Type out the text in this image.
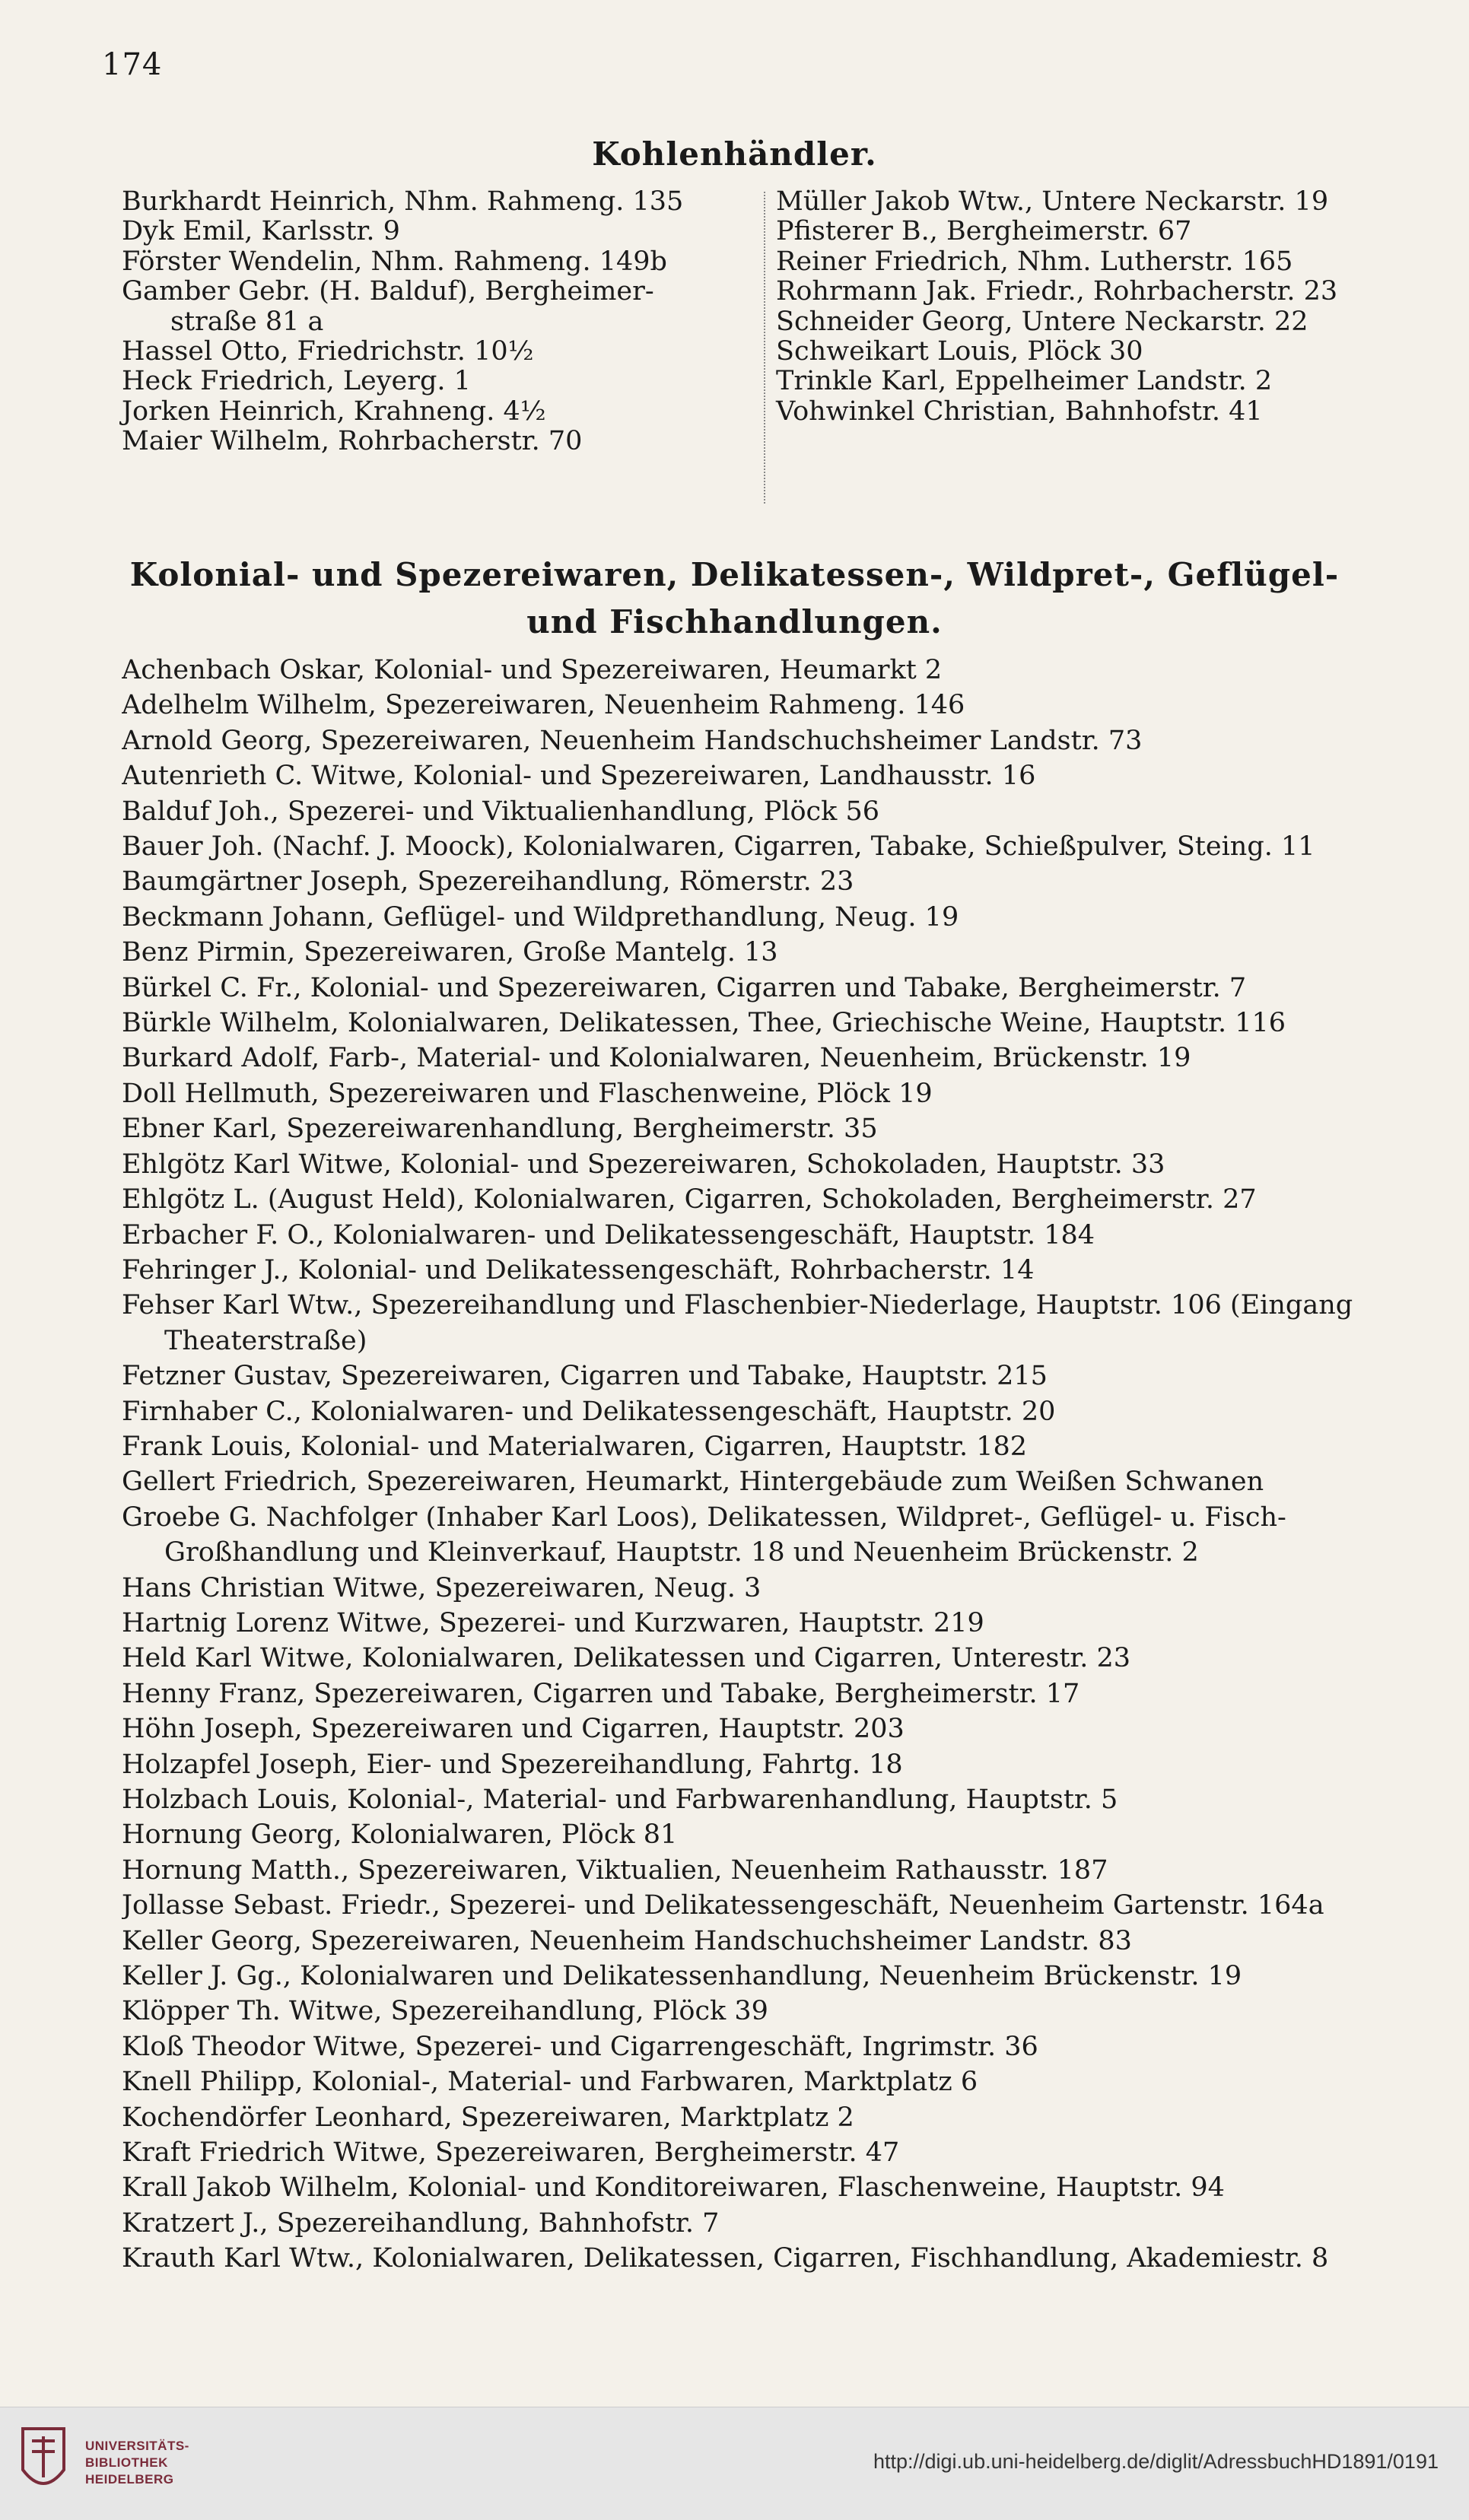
174
Kohlenhändler.
Burkhardt Heinrich, Nhm. Rahmeng. 135
Dyk Emil, Karlsstr. 9
Förster Wendelin, Nhm. Rahmeng. 149b
Gamber Gebr. (H. Balduf), Bergheimer-
straße 81 a
Hassel Otto, Friedrichstr. 10½
Heck Friedrich, Leyerg. 1
Jorken Heinrich, Krahneng. 4½
Maier Wilhelm, Rohrbacherstr. 70
Müller Jakob Wtw., Untere Neckarstr. 19
Pfisterer B., Bergheimerstr. 67
Reiner Friedrich, Nhm. Lutherstr. 165
Rohrmann Jak. Friedr., Rohrbacherstr. 23
Schneider Georg, Untere Neckarstr. 22
Schweikart Louis, Plöck 30
Trinkle Karl, Eppelheimer Landstr. 2
Vohwinkel Christian, Bahnhofstr. 41
Kolonial- und Spezereiwaren, Delikatessen-, Wildpret-, Geflügel-
und Fischhandlungen.
Achenbach Oskar, Kolonial- und Spezereiwaren, Heumarkt 2
Adelhelm Wilhelm, Spezereiwaren, Neuenheim Rahmeng. 146
Arnold Georg, Spezereiwaren, Neuenheim Handschuchsheimer Landstr. 73
Autenrieth C. Witwe, Kolonial- und Spezereiwaren, Landhausstr. 16
Balduf Joh., Spezerei- und Viktualienhandlung, Plöck 56
Bauer Joh. (Nachf. J. Moock), Kolonialwaren, Cigarren, Tabake, Schießpulver, Steing. 11
Baumgärtner Joseph, Spezereihandlung, Römerstr. 23
Beckmann Johann, Geflügel- und Wildprethandlung, Neug. 19
Benz Pirmin, Spezereiwaren, Große Mantelg. 13
Bürkel C. Fr., Kolonial- und Spezereiwaren, Cigarren und Tabake, Bergheimerstr. 7
Bürkle Wilhelm, Kolonialwaren, Delikatessen, Thee, Griechische Weine, Hauptstr. 116
Burkard Adolf, Farb-, Material- und Kolonialwaren, Neuenheim, Brückenstr. 19
Doll Hellmuth, Spezereiwaren und Flaschenweine, Plöck 19
Ebner Karl, Spezereiwarenhandlung, Bergheimerstr. 35
Ehlgötz Karl Witwe, Kolonial- und Spezereiwaren, Schokoladen, Hauptstr. 33
Ehlgötz L. (August Held), Kolonialwaren, Cigarren, Schokoladen, Bergheimerstr. 27
Erbacher F. O., Kolonialwaren- und Delikatessengeschäft, Hauptstr. 184
Fehringer J., Kolonial- und Delikatessengeschäft, Rohrbacherstr. 14
Fehser Karl Wtw., Spezereihandlung und Flaschenbier-Niederlage, Hauptstr. 106 (Eingang Theaterstraße)
Fetzner Gustav, Spezereiwaren, Cigarren und Tabake, Hauptstr. 215
Firnhaber C., Kolonialwaren- und Delikatessengeschäft, Hauptstr. 20
Frank Louis, Kolonial- und Materialwaren, Cigarren, Hauptstr. 182
Gellert Friedrich, Spezereiwaren, Heumarkt, Hintergebäude zum Weißen Schwanen
Groebe G. Nachfolger (Inhaber Karl Loos), Delikatessen, Wildpret-, Geflügel- u. Fisch-Großhandlung und Kleinverkauf, Hauptstr. 18 und Neuenheim Brückenstr. 2
Hans Christian Witwe, Spezereiwaren, Neug. 3
Hartnig Lorenz Witwe, Spezerei- und Kurzwaren, Hauptstr. 219
Held Karl Witwe, Kolonialwaren, Delikatessen und Cigarren, Unterestr. 23
Henny Franz, Spezereiwaren, Cigarren und Tabake, Bergheimerstr. 17
Höhn Joseph, Spezereiwaren und Cigarren, Hauptstr. 203
Holzapfel Joseph, Eier- und Spezereihandlung, Fahrtg. 18
Holzbach Louis, Kolonial-, Material- und Farbwarenhandlung, Hauptstr. 5
Hornung Georg, Kolonialwaren, Plöck 81
Hornung Matth., Spezereiwaren, Viktualien, Neuenheim Rathausstr. 187
Jollasse Sebast. Friedr., Spezerei- und Delikatessengeschäft, Neuenheim Gartenstr. 164a
Keller Georg, Spezereiwaren, Neuenheim Handschuchsheimer Landstr. 83
Keller J. Gg., Kolonialwaren und Delikatessenhandlung, Neuenheim Brückenstr. 19
Klöpper Th. Witwe, Spezereihandlung, Plöck 39
Kloß Theodor Witwe, Spezerei- und Cigarrengeschäft, Ingrimstr. 36
Knell Philipp, Kolonial-, Material- und Farbwaren, Marktplatz 6
Kochendörfer Leonhard, Spezereiwaren, Marktplatz 2
Kraft Friedrich Witwe, Spezereiwaren, Bergheimerstr. 47
Krall Jakob Wilhelm, Kolonial- und Konditoreiwaren, Flaschenweine, Hauptstr. 94
Kratzert J., Spezereihandlung, Bahnhofstr. 7
Krauth Karl Wtw., Kolonialwaren, Delikatessen, Cigarren, Fischhandlung, Akademiestr. 8
UNIVERSITÄTS-
BIBLIOTHEK
HEIDELBERG
http://digi.ub.uni-heidelberg.de/diglit/AdressbuchHD1891/0191
